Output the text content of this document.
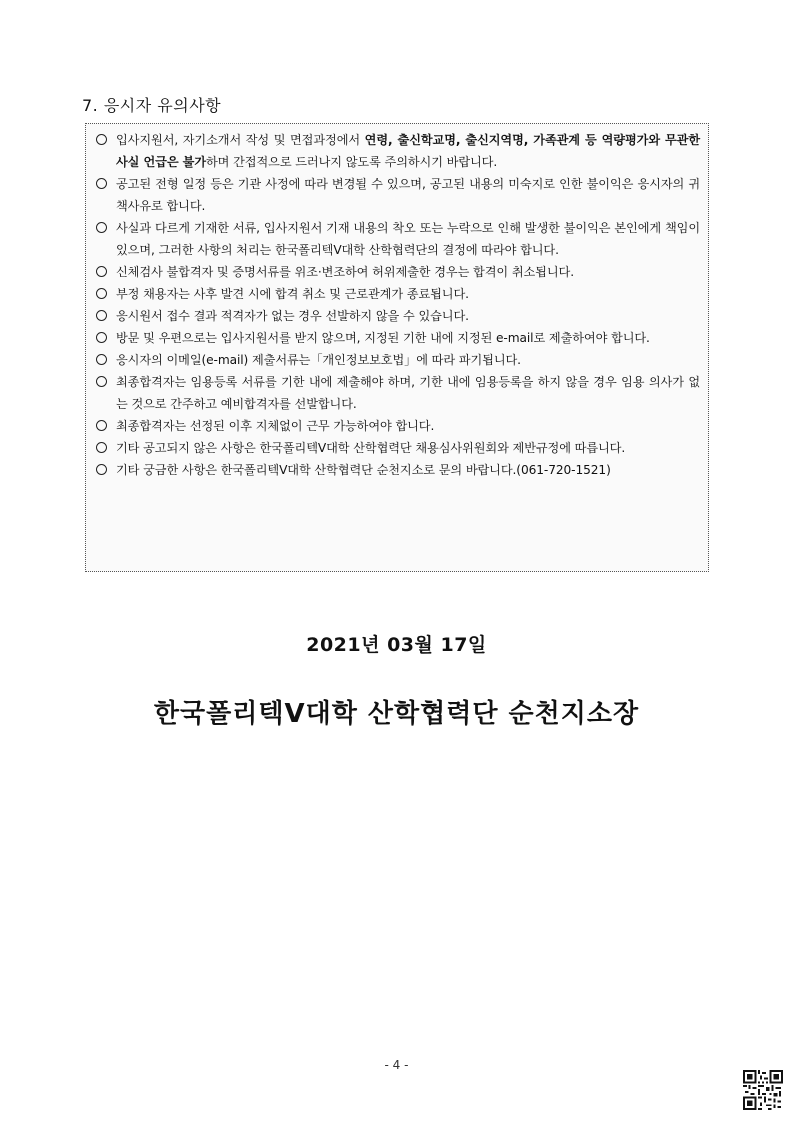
7. 응시자 유의사항
입사지원서, 자기소개서 작성 및 면접과정에서 연령, 출신학교명, 출신지역명, 가족관계 등 역량평가와 무관한 사실 언급은 불가하며 간접적으로 드러나지 않도록 주의하시기 바랍니다.
공고된 전형 일정 등은 기관 사정에 따라 변경될 수 있으며, 공고된 내용의 미숙지로 인한 불이익은 응시자의 귀책사유로 합니다.
사실과 다르게 기재한 서류, 입사지원서 기재 내용의 착오 또는 누락으로 인해 발생한 불이익은 본인에게 책임이 있으며, 그러한 사항의 처리는 한국폴리텍V대학 산학협력단의 결정에 따라야 합니다.
신체검사 불합격자 및 증명서류를 위조·변조하여 허위제출한 경우는 합격이 취소됩니다.
부정 채용자는 사후 발견 시에 합격 취소 및 근로관계가 종료됩니다.
응시원서 접수 결과 적격자가 없는 경우 선발하지 않을 수 있습니다.
방문 및 우편으로는 입사지원서를 받지 않으며, 지정된 기한 내에 지정된 e-mail로 제출하여야 합니다.
응시자의 이메일(e-mail) 제출서류는「개인정보보호법」에 따라 파기됩니다.
최종합격자는 임용등록 서류를 기한 내에 제출해야 하며, 기한 내에 임용등록을 하지 않을 경우 임용 의사가 없는 것으로 간주하고 예비합격자를 선발합니다.
최종합격자는 선정된 이후 지체없이 근무 가능하여야 합니다.
기타 공고되지 않은 사항은 한국폴리텍V대학 산학협력단 채용심사위원회와 제반규정에 따릅니다.
기타 궁금한 사항은 한국폴리텍V대학 산학협력단 순천지소로 문의 바랍니다.(061-720-1521)
2021년 03월 17일
한국폴리텍V대학 산학협력단 순천지소장
- 4 -
